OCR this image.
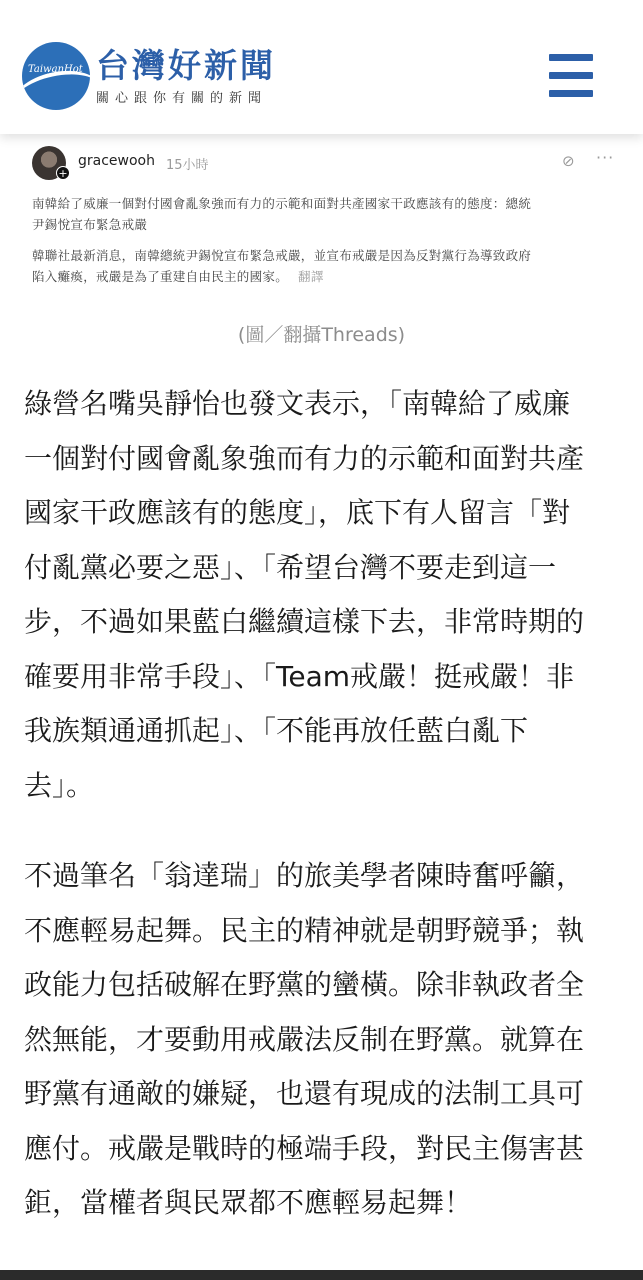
TaiwanHot 台灣好新聞
關心跟你有關的新聞
+
gracewooh 15小時	⊘ ···
南韓給了威廉一個對付國會亂象強而有力的示範和面對共產國家干政應該有的態度：總統
尹錫悅宣布緊急戒嚴
韓聯社最新消息，南韓總統尹錫悅宣布緊急戒嚴，並宣布戒嚴是因為反對黨行為導致政府
陷入癱瘓，戒嚴是為了重建自由民主的國家。 翻譯
(圖／翻攝Threads)
綠營名嘴吳靜怡也發文表示，「南韓給了威廉
一個對付國會亂象強而有力的示範和面對共產
國家干政應該有的態度」，底下有人留言「對
付亂黨必要之惡」、「希望台灣不要走到這一
步，不過如果藍白繼續這樣下去，非常時期的
確要用非常手段」、「Team戒嚴！挺戒嚴！非
我族類通通抓起」、「不能再放任藍白亂下
去」。
不過筆名「翁達瑞」的旅美學者陳時奮呼籲，
不應輕易起舞。民主的精神就是朝野競爭；執
政能力包括破解在野黨的蠻橫。除非執政者全
然無能，才要動用戒嚴法反制在野黨。就算在
野黨有通敵的嫌疑，也還有現成的法制工具可
應付。戒嚴是戰時的極端手段，對民主傷害甚
鉅，當權者與民眾都不應輕易起舞！
